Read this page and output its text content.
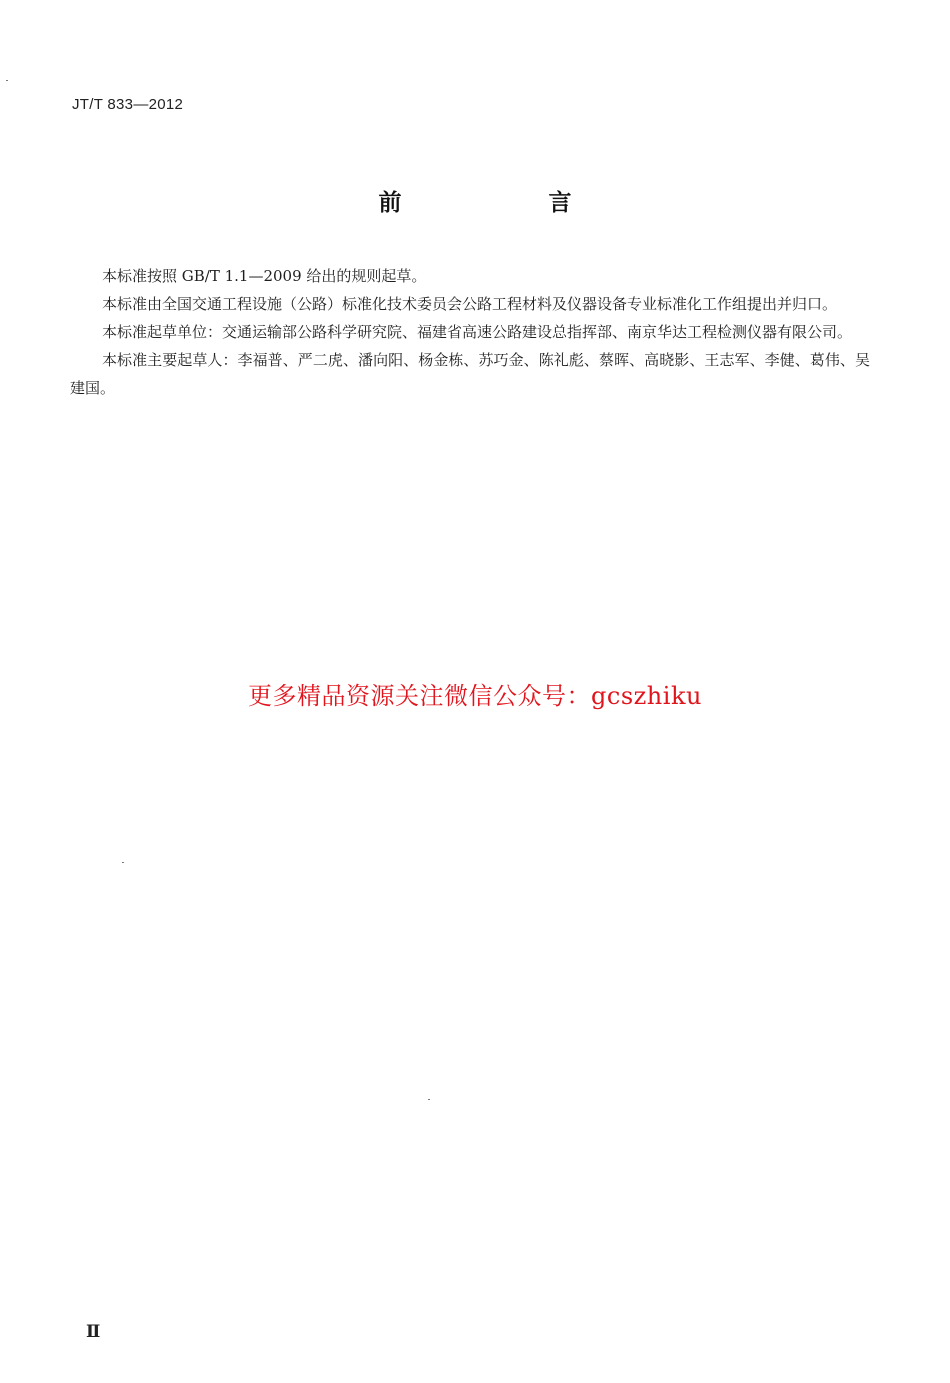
JT/T 833—2012
前　言

本标准按照 GB/T 1.1—2009 给出的规则起草。

本标准由全国交通工程设施（公路）标准化技术委员会公路工程材料及仪器设备专业标准化工作组提出并归口。

本标准起草单位：交通运输部公路科学研究院、福建省高速公路建设总指挥部、南京华达工程检测仪器有限公司。

本标准主要起草人：李福普、严二虎、潘向阳、杨金栋、苏巧金、陈礼彪、蔡晖、高晓影、王志军、李健、葛伟、吴建国。

更多精品资源关注微信公众号：gcszhiku
Ⅱ
